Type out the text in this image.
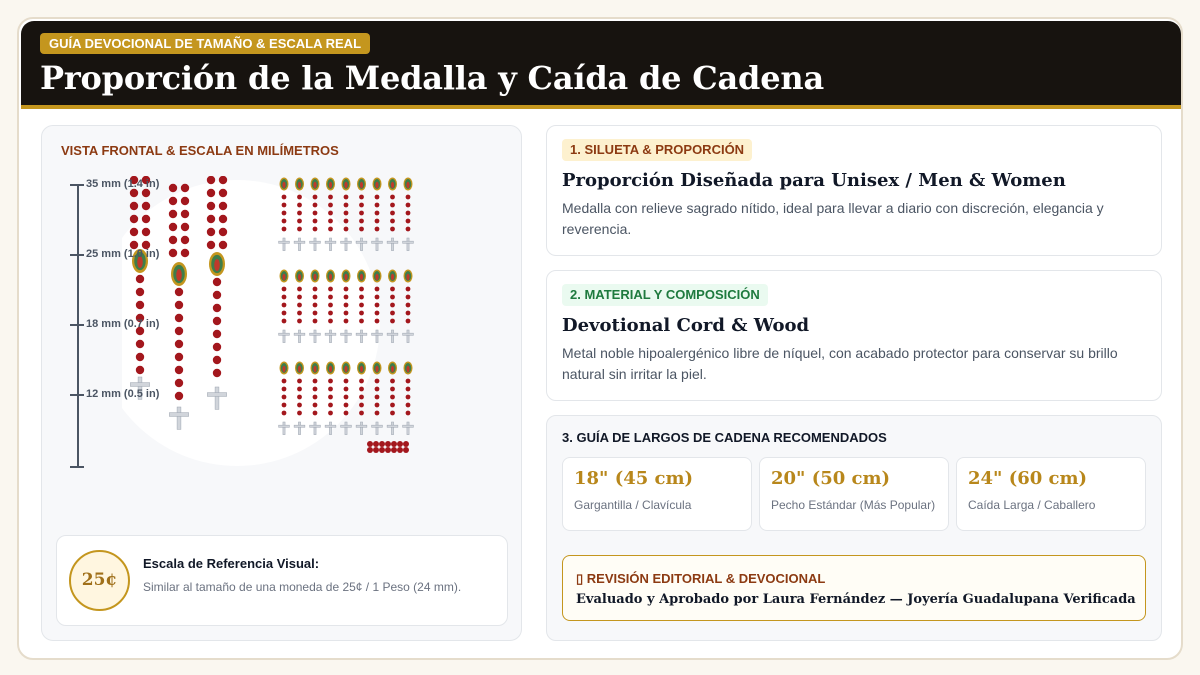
GUÍA DEVOCIONAL DE TAMAÑO & ESCALA REAL
Proporción de la Medalla y Caída de Cadena
VISTA FRONTAL & ESCALA EN MILÍMETROS
35 mm (1.4 in)
25 mm (1.0 in)
18 mm (0.7 in)
12 mm (0.5 in)
25¢
Escala de Referencia Visual:
Similar al tamaño de una moneda de 25¢ / 1 Peso (24 mm).
1. SILUETA & PROPORCIÓN
Proporción Diseñada para Unisex / Men & Women
Medalla con relieve sagrado nítido, ideal para llevar a diario con discreción, elegancia y reverencia.
2. MATERIAL Y COMPOSICIÓN
Devotional Cord & Wood
Metal noble hipoalergénico libre de níquel, con acabado protector para conservar su brillo natural sin irritar la piel.
3. GUÍA DE LARGOS DE CADENA RECOMENDADOS
18" (45 cm)
Gargantilla / Clavícula
20" (50 cm)
Pecho Estándar (Más Popular)
24" (60 cm)
Caída Larga / Caballero
▯ REVISIÓN EDITORIAL & DEVOCIONAL
Evaluado y Aprobado por Laura Fernández — Joyería Guadalupana Verificada
